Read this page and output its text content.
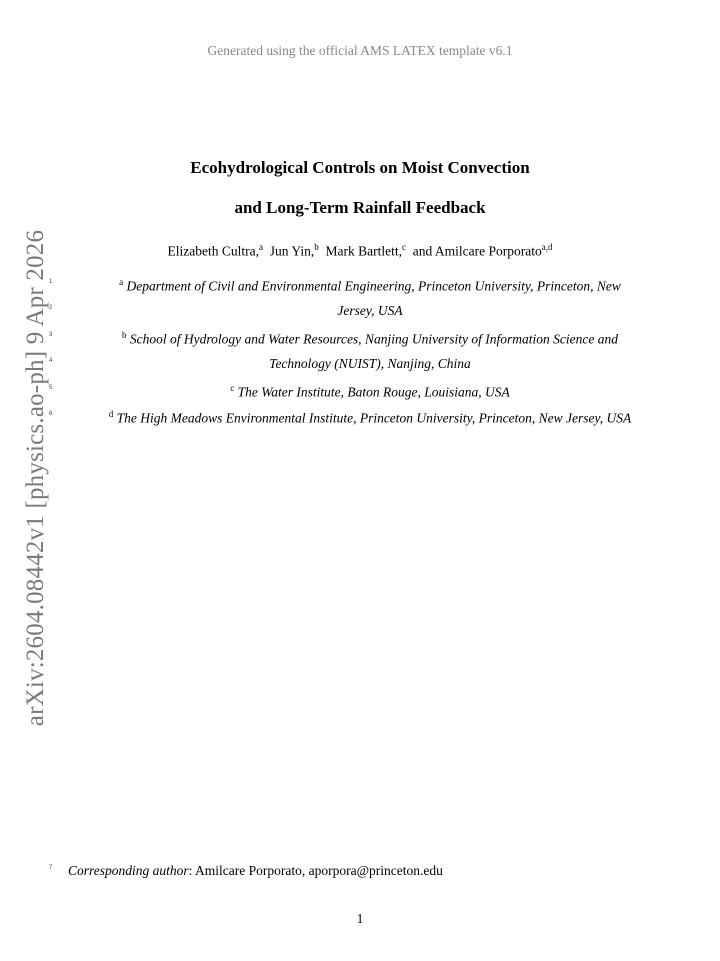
Generated using the official AMS LATEX template v6.1
arXiv:2604.08442v1 [physics.ao-ph] 9 Apr 2026
Ecohydrological Controls on Moist Convection
and Long-Term Rainfall Feedback
Elizabeth Cultra,$^a$ Jun Yin,$^b$ Mark Bartlett,$^c$ and Amilcare Porporato$^{a,d}$
1
2
3
4
5
6
7
$^a$ Department of Civil and Environmental Engineering, Princeton University, Princeton, New
Jersey, USA
$^b$ School of Hydrology and Water Resources, Nanjing University of Information Science and
Technology (NUIST), Nanjing, China
$^c$ The Water Institute, Baton Rouge, Louisiana, USA
$^d$ The High Meadows Environmental Institute, Princeton University, Princeton, New Jersey, USA
Corresponding author: Amilcare Porporato, aporpora@princeton.edu
1
